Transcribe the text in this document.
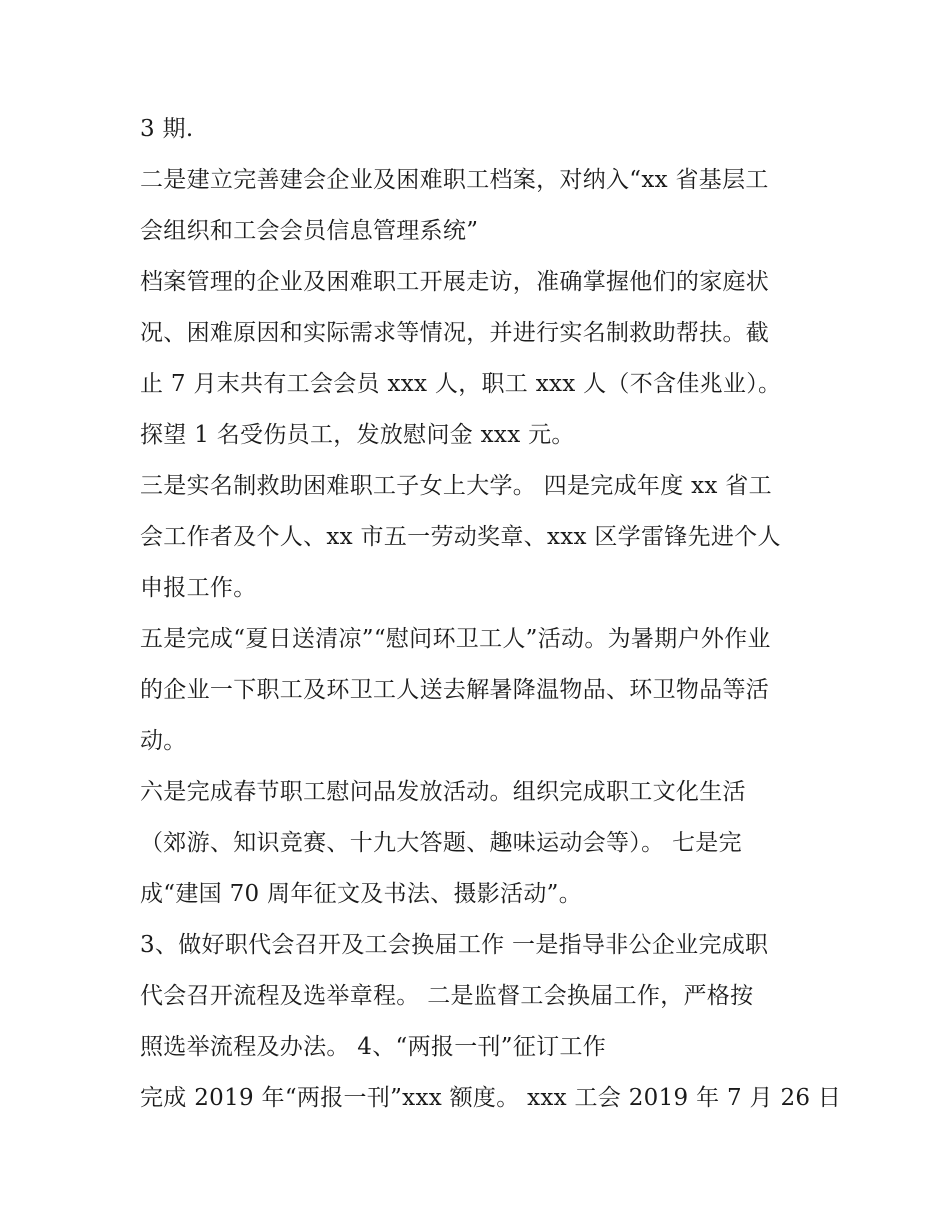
3 期.
二是建立完善建会企业及困难职工档案，对纳入“xx 省基层工
会组织和工会会员信息管理系统”
档案管理的企业及困难职工开展走访，准确掌握他们的家庭状
况、困难原因和实际需求等情况，并进行实名制救助帮扶。截
止 7 月末共有工会会员 xxx 人，职工 xxx 人（不含佳兆业）。
探望 1 名受伤员工，发放慰问金 xxx 元。
三是实名制救助困难职工子女上大学。 四是完成年度 xx 省工
会工作者及个人、xx 市五一劳动奖章、xxx 区学雷锋先进个人
申报工作。
五是完成“夏日送清凉”“慰问环卫工人”活动。为暑期户外作业
的企业一下职工及环卫工人送去解暑降温物品、环卫物品等活
动。
六是完成春节职工慰问品发放活动。组织完成职工文化生活
（郊游、知识竞赛、十九大答题、趣味运动会等）。 七是完
成“建国 70 周年征文及书法、摄影活动”。
3、做好职代会召开及工会换届工作 一是指导非公企业完成职
代会召开流程及选举章程。 二是监督工会换届工作，严格按
照选举流程及办法。 4、“两报一刊”征订工作
完成 2019 年“两报一刊”xxx 额度。 xxx 工会 2019 年 7 月 26 日
